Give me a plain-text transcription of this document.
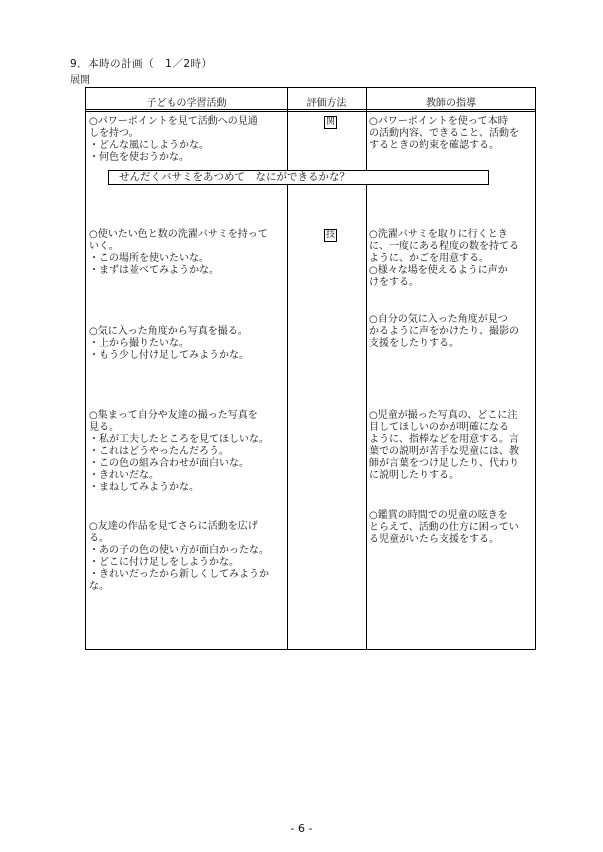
9．本時の計画（　1／2時）
展開
子どもの学習活動	評価方法	教師の指導
○パワーポイントを見て活動への見通
しを持つ。
・どんな風にしようかな。
・何色を使おうかな。
○使いたい色と数の洗濯バサミを持って
いく。
・この場所を使いたいな。
・まずは並べてみようかな。
○気に入った角度から写真を撮る。
・上から撮りたいな。
・もう少し付け足してみようかな。
○集まって自分や友達の撮った写真を
見る。
・私が工夫したところを見てほしいな。
・これはどうやったんだろう。
・この色の組み合わせが面白いな。
・きれいだな。
・まねしてみようかな。
○友達の作品を見てさらに活動を広げ
る。
・あの子の色の使い方が面白かったな。
・どこに付け足しをしようかな。
・きれいだったから新しくしてみようか
な。
関
技
○パワーポイントを使って本時
の活動内容、できること、活動を
するときの約束を確認する。
○洗濯バサミを取りに行くとき
に、一度にある程度の数を持てる
ように、かごを用意する。
○様々な場を使えるように声か
けをする。
○自分の気に入った角度が見つ
かるように声をかけたり、撮影の
支援をしたりする。
○児童が撮った写真の、どこに注
目してほしいのかが明確になる
ように、指棒などを用意する。言
葉での説明が苦手な児童には、教
師が言葉をつけ足したり、代わり
に説明したりする。
○鑑賞の時間での児童の呟きを
とらえて、活動の仕方に困ってい
る児童がいたら支援をする。
せんだくバサミをあつめて　なにができるかな？
- 6 -
